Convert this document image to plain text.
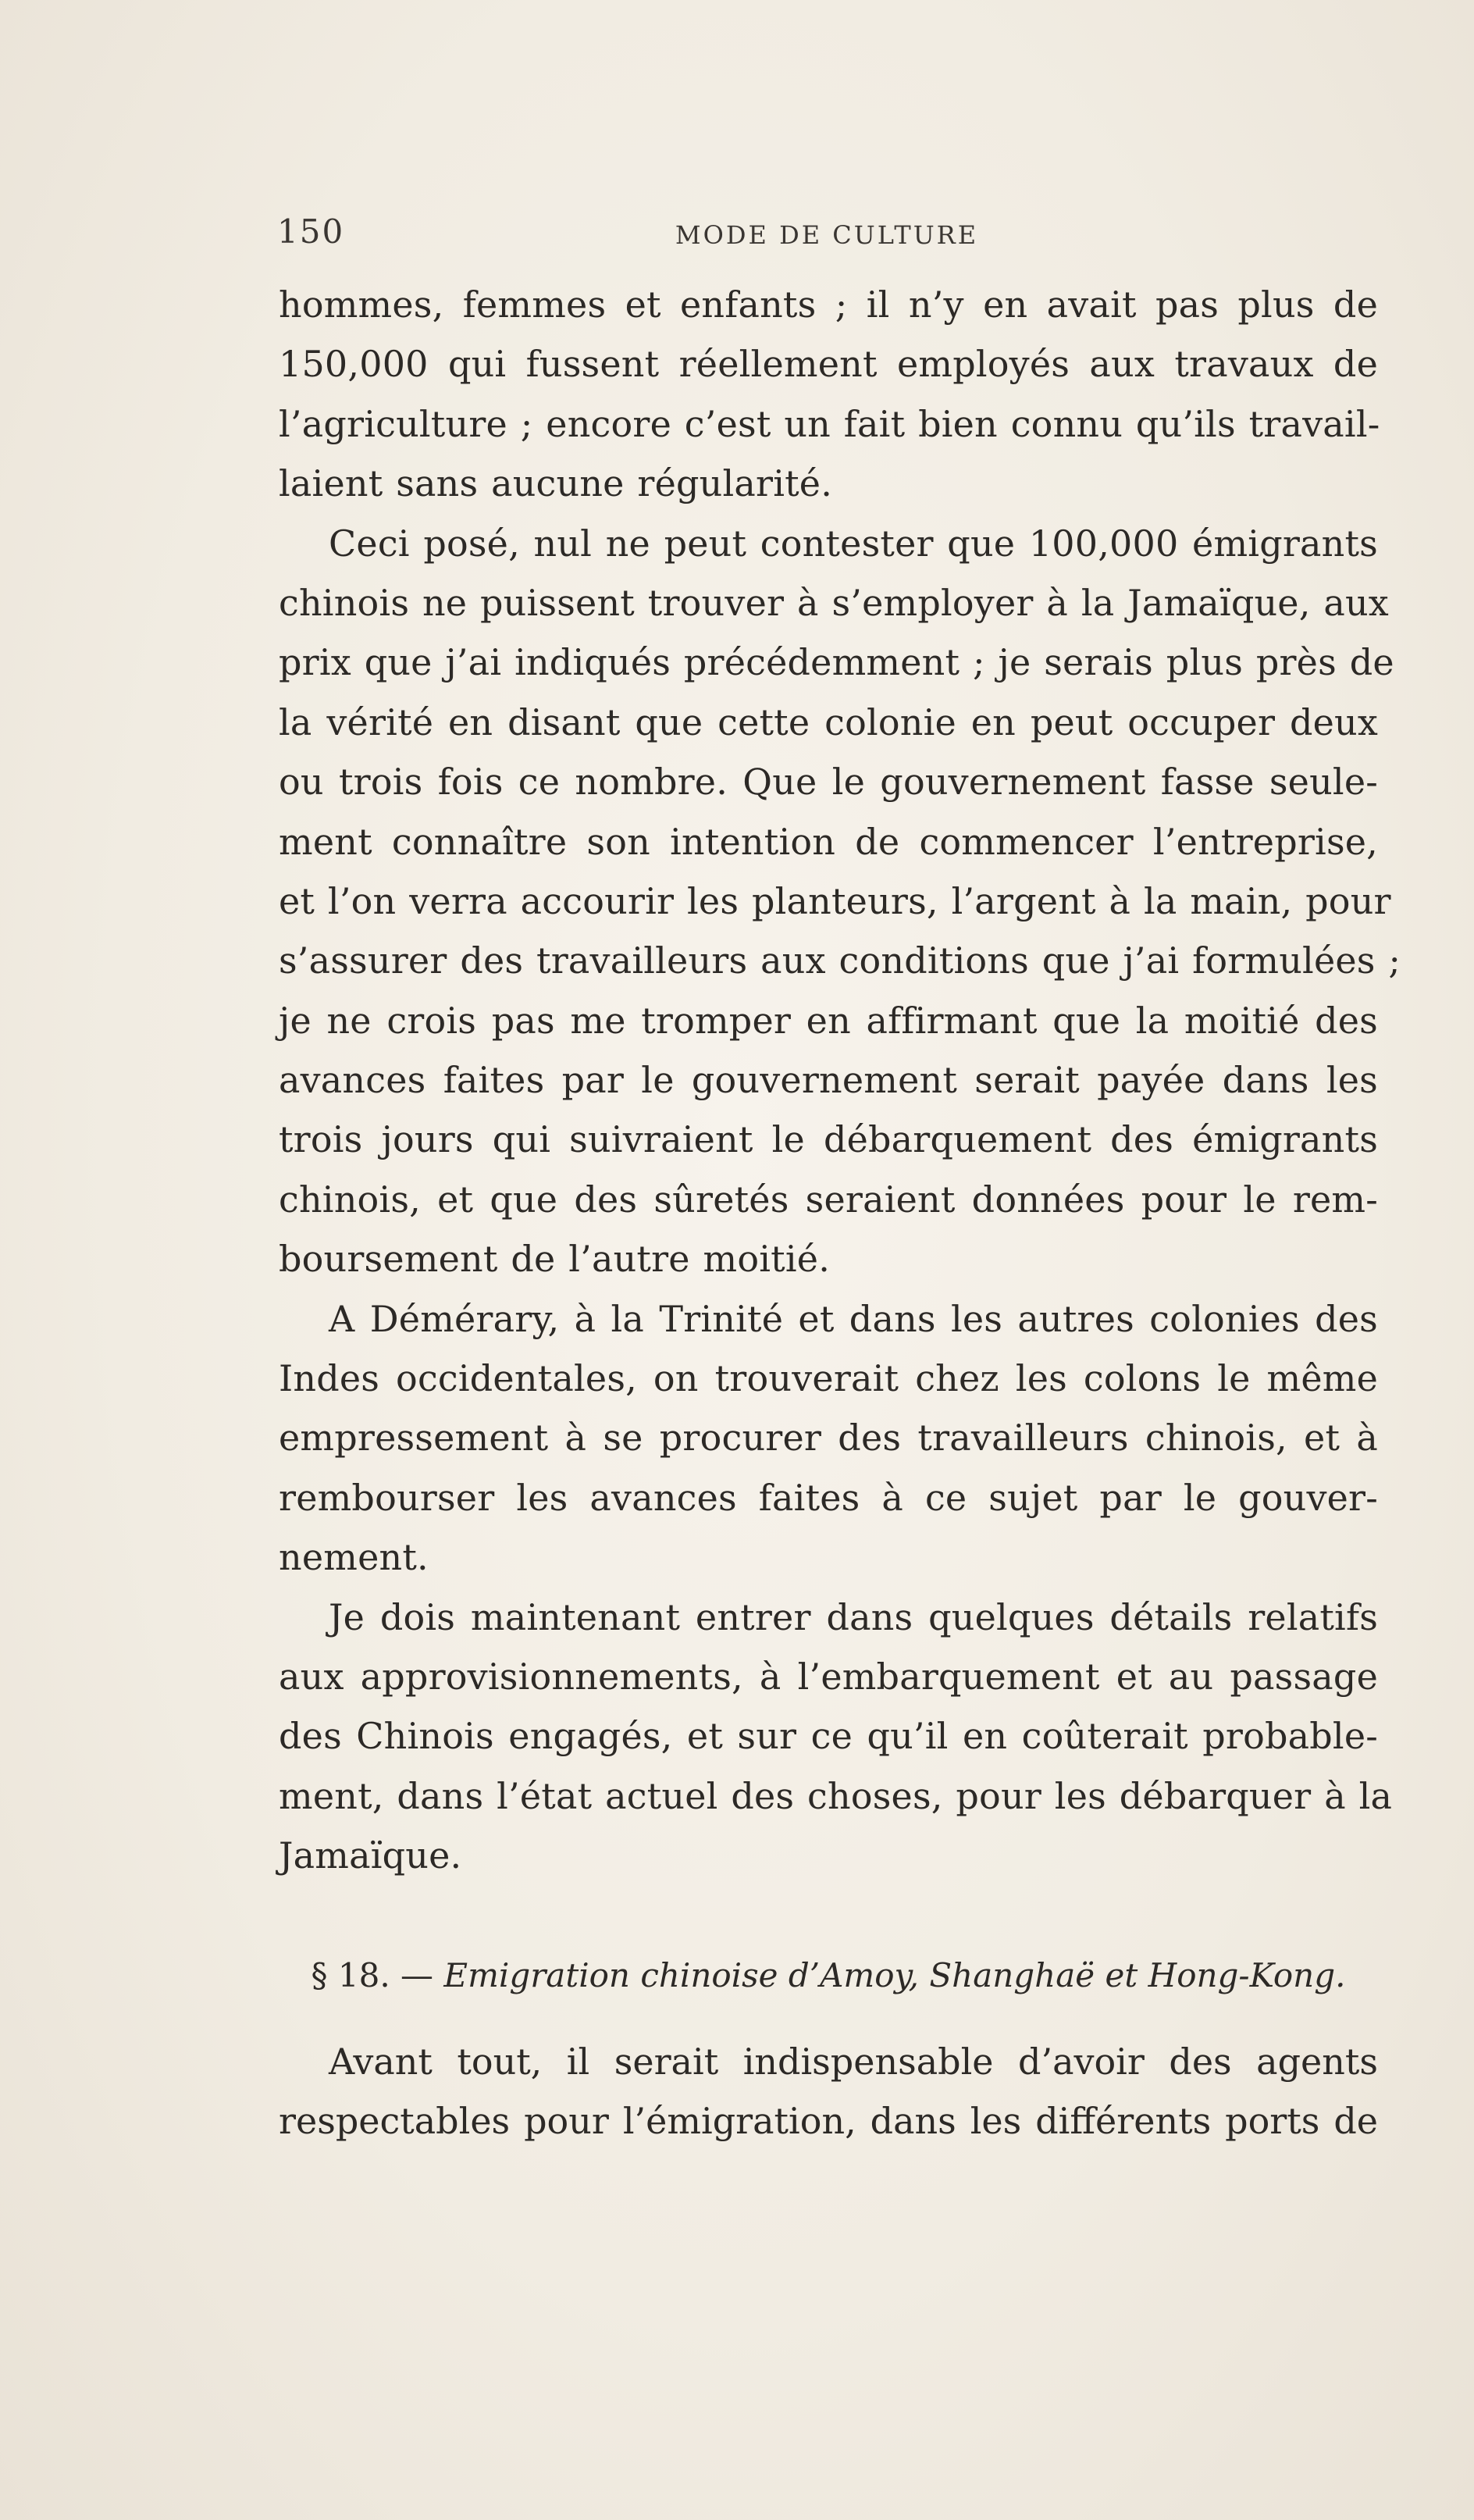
150	MODE DE CULTURE
hommes, femmes et enfants ; il n’y en avait pas plus de
150,000 qui fussent réellement employés aux travaux de
l’agriculture ; encore c’est un fait bien connu qu’ils travail-
laient sans aucune régularité.
Ceci posé, nul ne peut contester que 100,000 émigrants
chinois ne puissent trouver à s’employer à la Jamaïque, aux
prix que j’ai indiqués précédemment ; je serais plus près de
la vérité en disant que cette colonie en peut occuper deux
ou trois fois ce nombre. Que le gouvernement fasse seule-
ment connaître son intention de commencer l’entreprise,
et l’on verra accourir les planteurs, l’argent à la main, pour
s’assurer des travailleurs aux conditions que j’ai formulées ;
je ne crois pas me tromper en affirmant que la moitié des
avances faites par le gouvernement serait payée dans les
trois jours qui suivraient le débarquement des émigrants
chinois, et que des sûretés seraient données pour le rem-
boursement de l’autre moitié.
A Démérary, à la Trinité et dans les autres colonies des
Indes occidentales, on trouverait chez les colons le même
empressement à se procurer des travailleurs chinois, et à
rembourser les avances faites à ce sujet par le gouver-
nement.
Je dois maintenant entrer dans quelques détails relatifs
aux approvisionnements, à l’embarquement et au passage
des Chinois engagés, et sur ce qu’il en coûterait probable-
ment, dans l’état actuel des choses, pour les débarquer à la
Jamaïque.
§ 18. — Emigration chinoise d’Amoy, Shanghaë et Hong-Kong.
Avant tout, il serait indispensable d’avoir des agents
respectables pour l’émigration, dans les différents ports de
